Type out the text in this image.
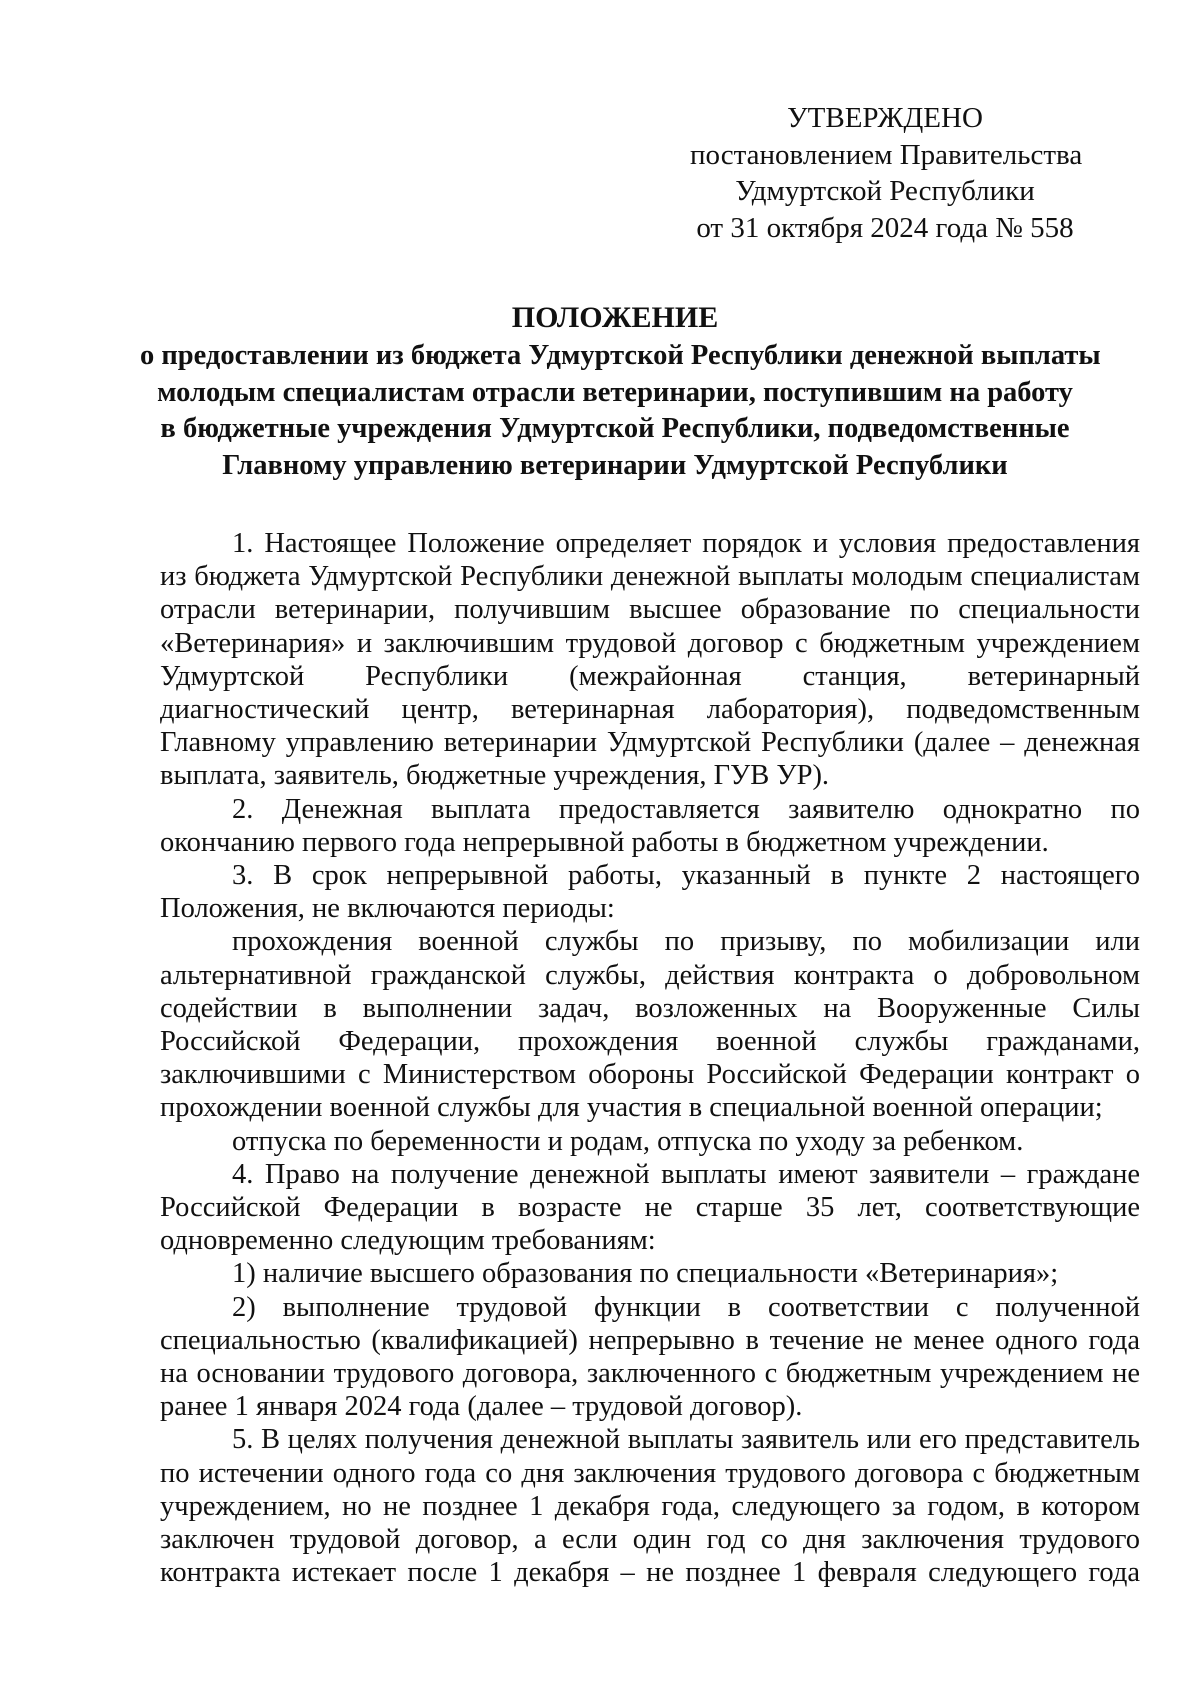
УТВЕРЖДЕНО
постановлением Правительства
Удмуртской Республики
от 31 октября 2024 года № 558
ПОЛОЖЕНИЕ
о предоставлении из бюджета Удмуртской Республики денежной выплаты
молодым специалистам отрасли ветеринарии, поступившим на работу
в бюджетные учреждения Удмуртской Республики, подведомственные
Главному управлению ветеринарии Удмуртской Республики

1. Настоящее Положение определяет порядок и условия предоставления из бюджета Удмуртской Республики денежной выплаты молодым специалистам отрасли ветеринарии, получившим высшее образование по специальности «Ветеринария» и заключившим трудовой договор с бюджетным учреждением Удмуртской Республики (межрайонная станция, ветеринарный диагностический центр, ветеринарная лаборатория), подведомственным Главному управлению ветеринарии Удмуртской Республики (далее – денежная выплата, заявитель, бюджетные учреждения, ГУВ УР).

2. Денежная выплата предоставляется заявителю однократно по окончанию первого года непрерывной работы в бюджетном учреждении.

3. В срок непрерывной работы, указанный в пункте 2 настоящего Положения, не включаются периоды:

прохождения военной службы по призыву, по мобилизации или альтернативной гражданской службы, действия контракта о добровольном содействии в выполнении задач, возложенных на Вооруженные Силы Российской Федерации, прохождения военной службы гражданами, заключившими с Министерством обороны Российской Федерации контракт о прохождении военной службы для участия в специальной военной операции;

отпуска по беременности и родам, отпуска по уходу за ребенком.

4. Право на получение денежной выплаты имеют заявители – граждане Российской Федерации в возрасте не старше 35 лет, соответствующие одновременно следующим требованиям:

1) наличие высшего образования по специальности «Ветеринария»;

2) выполнение трудовой функции в соответствии с полученной специальностью (квалификацией) непрерывно в течение не менее одного года на основании трудового договора, заключенного с бюджетным учреждением не ранее 1 января 2024 года (далее – трудовой договор).

5. В целях получения денежной выплаты заявитель или его представитель по истечении одного года со дня заключения трудового договора с бюджетным учреждением, но не позднее 1 декабря года, следующего за годом, в котором заключен трудовой договор, а если один год со дня заключения трудового контракта истекает после 1 декабря – не позднее 1 февраля следующего года
